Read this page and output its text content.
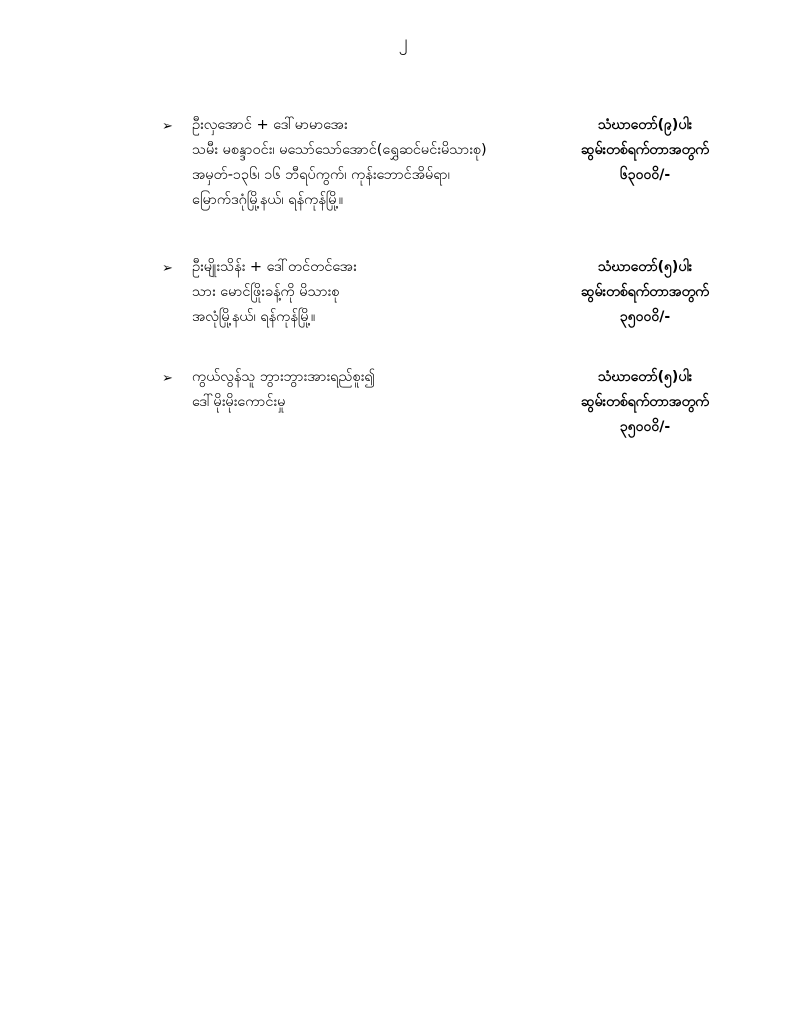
၂
➢ ဦးလှအောင် + ဒေါ်မာမာအေး
သမီး မစန္ဒာဝင်း၊ မသော်သော်အောင်(ရွှေဆင်မင်းမိသားစု)
အမှတ်-၁၃၆၊ ၁၆ ဘီရပ်ကွက်၊ ကုန်းဘောင်အိမ်ရာ၊
မြောက်ဒဂုံမြို့နယ်၊ ရန်ကုန်မြို့။
သံဃာတော်(၉)ပါး
ဆွမ်းတစ်ရက်တာအတွက်
၆၃၀၀၀ိ/-
➢ ဦးမျိုးသိန်း + ဒေါ်တင်တင်အေး
သား မောင်ဖြိုးခန့်ကို မိသားစု
အလုံမြို့နယ်၊ ရန်ကုန်မြို့။
သံဃာတော်(၅)ပါး
ဆွမ်းတစ်ရက်တာအတွက်
၃၅၀၀၀ိ/-
➢ ကွယ်လွန်သူ ဘွားဘွားအားရည်စူး၍
ဒေါ်မိုးမိုးကောင်းမှု
သံဃာတော်(၅)ပါး
ဆွမ်းတစ်ရက်တာအတွက်
၃၅၀၀၀ိ/-
